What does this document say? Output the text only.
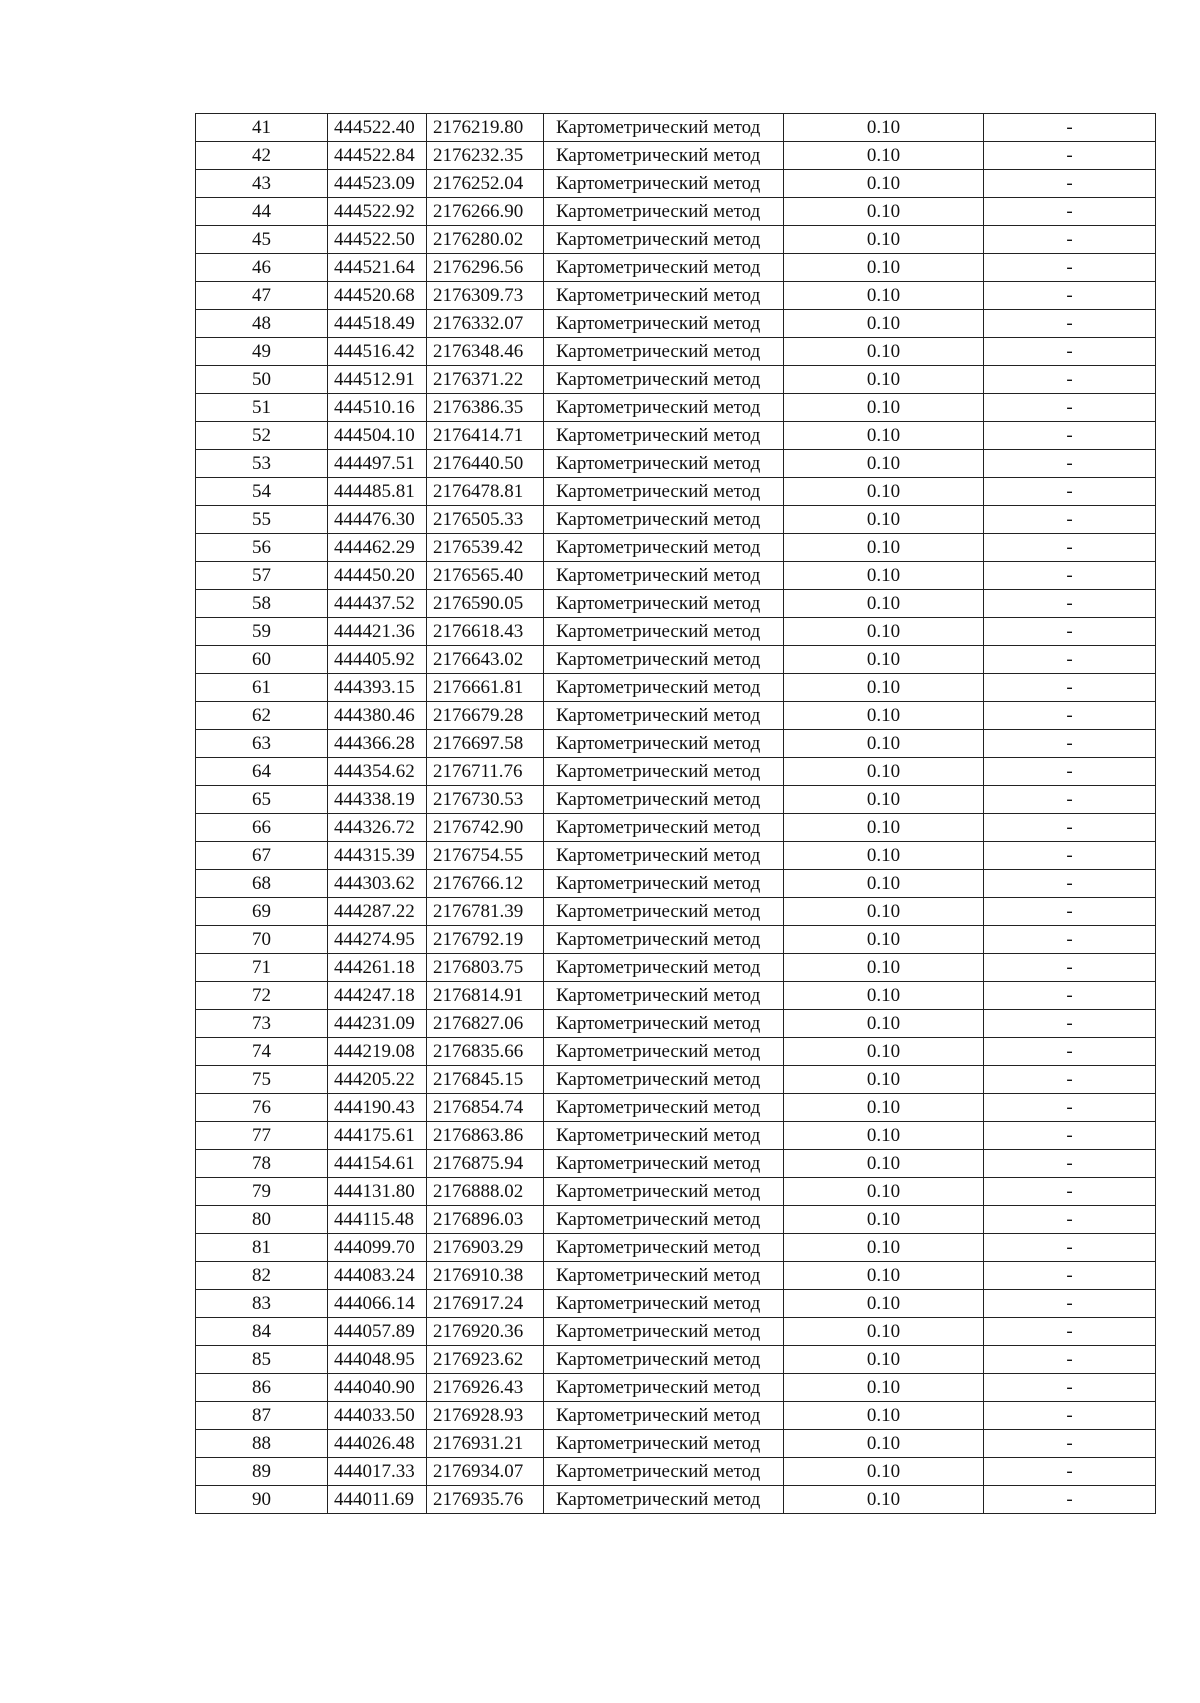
41	444522.40	2176219.80	Картометрический метод	0.10	-
42	444522.84	2176232.35	Картометрический метод	0.10	-
43	444523.09	2176252.04	Картометрический метод	0.10	-
44	444522.92	2176266.90	Картометрический метод	0.10	-
45	444522.50	2176280.02	Картометрический метод	0.10	-
46	444521.64	2176296.56	Картометрический метод	0.10	-
47	444520.68	2176309.73	Картометрический метод	0.10	-
48	444518.49	2176332.07	Картометрический метод	0.10	-
49	444516.42	2176348.46	Картометрический метод	0.10	-
50	444512.91	2176371.22	Картометрический метод	0.10	-
51	444510.16	2176386.35	Картометрический метод	0.10	-
52	444504.10	2176414.71	Картометрический метод	0.10	-
53	444497.51	2176440.50	Картометрический метод	0.10	-
54	444485.81	2176478.81	Картометрический метод	0.10	-
55	444476.30	2176505.33	Картометрический метод	0.10	-
56	444462.29	2176539.42	Картометрический метод	0.10	-
57	444450.20	2176565.40	Картометрический метод	0.10	-
58	444437.52	2176590.05	Картометрический метод	0.10	-
59	444421.36	2176618.43	Картометрический метод	0.10	-
60	444405.92	2176643.02	Картометрический метод	0.10	-
61	444393.15	2176661.81	Картометрический метод	0.10	-
62	444380.46	2176679.28	Картометрический метод	0.10	-
63	444366.28	2176697.58	Картометрический метод	0.10	-
64	444354.62	2176711.76	Картометрический метод	0.10	-
65	444338.19	2176730.53	Картометрический метод	0.10	-
66	444326.72	2176742.90	Картометрический метод	0.10	-
67	444315.39	2176754.55	Картометрический метод	0.10	-
68	444303.62	2176766.12	Картометрический метод	0.10	-
69	444287.22	2176781.39	Картометрический метод	0.10	-
70	444274.95	2176792.19	Картометрический метод	0.10	-
71	444261.18	2176803.75	Картометрический метод	0.10	-
72	444247.18	2176814.91	Картометрический метод	0.10	-
73	444231.09	2176827.06	Картометрический метод	0.10	-
74	444219.08	2176835.66	Картометрический метод	0.10	-
75	444205.22	2176845.15	Картометрический метод	0.10	-
76	444190.43	2176854.74	Картометрический метод	0.10	-
77	444175.61	2176863.86	Картометрический метод	0.10	-
78	444154.61	2176875.94	Картометрический метод	0.10	-
79	444131.80	2176888.02	Картометрический метод	0.10	-
80	444115.48	2176896.03	Картометрический метод	0.10	-
81	444099.70	2176903.29	Картометрический метод	0.10	-
82	444083.24	2176910.38	Картометрический метод	0.10	-
83	444066.14	2176917.24	Картометрический метод	0.10	-
84	444057.89	2176920.36	Картометрический метод	0.10	-
85	444048.95	2176923.62	Картометрический метод	0.10	-
86	444040.90	2176926.43	Картометрический метод	0.10	-
87	444033.50	2176928.93	Картометрический метод	0.10	-
88	444026.48	2176931.21	Картометрический метод	0.10	-
89	444017.33	2176934.07	Картометрический метод	0.10	-
90	444011.69	2176935.76	Картометрический метод	0.10	-
